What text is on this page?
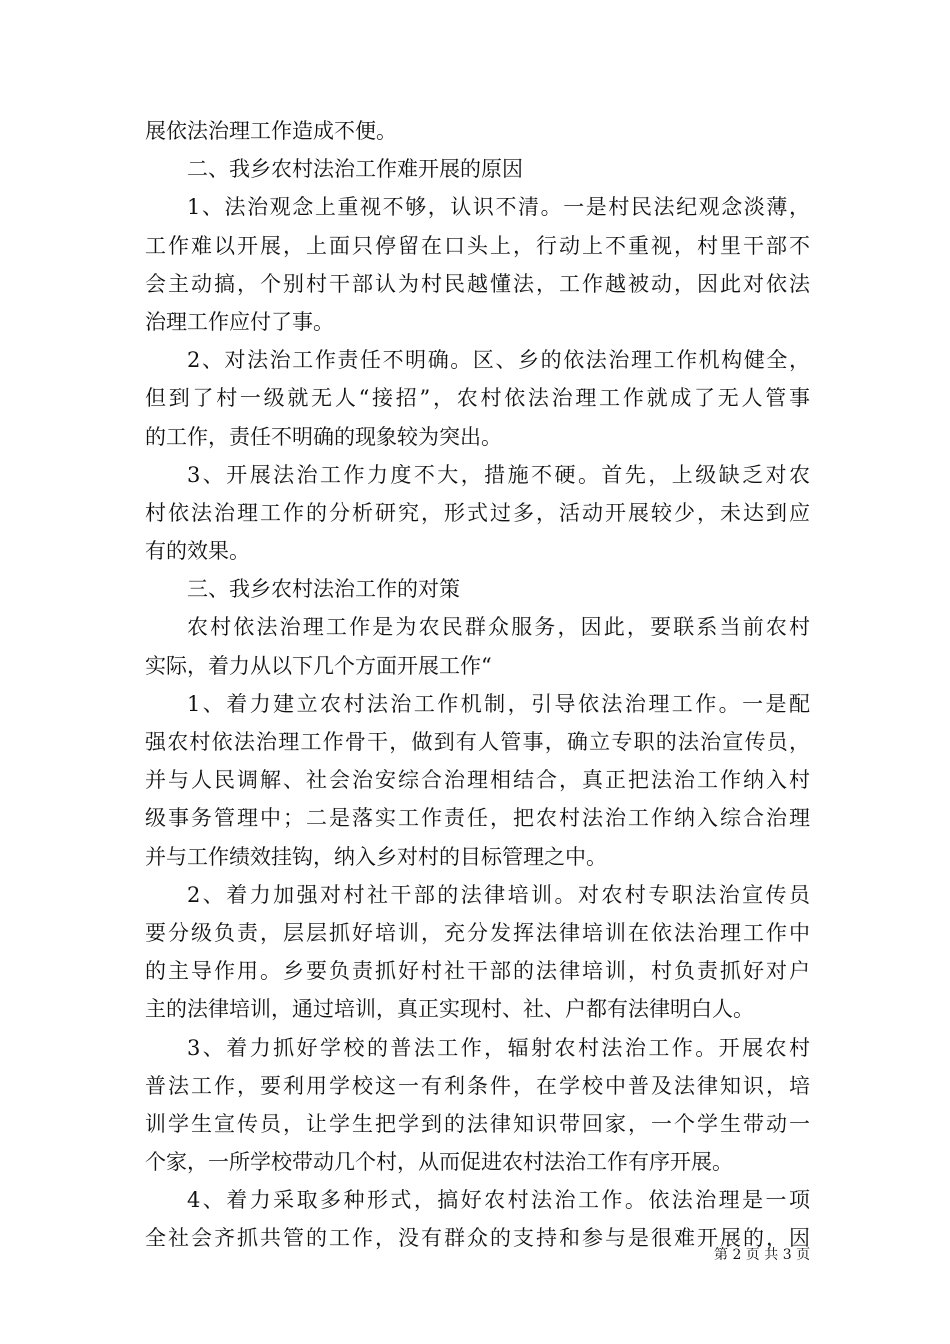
展依法治理工作造成不便。
二、我乡农村法治工作难开展的原因
1、法治观念上重视不够，认识不清。一是村民法纪观念淡薄，
工作难以开展，上面只停留在口头上，行动上不重视，村里干部不
会主动搞，个别村干部认为村民越懂法，工作越被动，因此对依法
治理工作应付了事。
2、对法治工作责任不明确。区、乡的依法治理工作机构健全，
但到了村一级就无人“接招”，农村依法治理工作就成了无人管事
的工作，责任不明确的现象较为突出。
3、开展法治工作力度不大，措施不硬。首先，上级缺乏对农
村依法治理工作的分析研究，形式过多，活动开展较少，未达到应
有的效果。
三、我乡农村法治工作的对策
农村依法治理工作是为农民群众服务，因此，要联系当前农村
实际，着力从以下几个方面开展工作“
1、着力建立农村法治工作机制，引导依法治理工作。一是配
强农村依法治理工作骨干，做到有人管事，确立专职的法治宣传员，
并与人民调解、社会治安综合治理相结合，真正把法治工作纳入村
级事务管理中；二是落实工作责任，把农村法治工作纳入综合治理
并与工作绩效挂钩，纳入乡对村的目标管理之中。
2、着力加强对村社干部的法律培训。对农村专职法治宣传员
要分级负责，层层抓好培训，充分发挥法律培训在依法治理工作中
的主导作用。乡要负责抓好村社干部的法律培训，村负责抓好对户
主的法律培训，通过培训，真正实现村、社、户都有法律明白人。
3、着力抓好学校的普法工作，辐射农村法治工作。开展农村
普法工作，要利用学校这一有利条件，在学校中普及法律知识，培
训学生宣传员，让学生把学到的法律知识带回家，一个学生带动一
个家，一所学校带动几个村，从而促进农村法治工作有序开展。
4、着力采取多种形式，搞好农村法治工作。依法治理是一项
全社会齐抓共管的工作，没有群众的支持和参与是很难开展的，因
第 2 页 共 3 页
